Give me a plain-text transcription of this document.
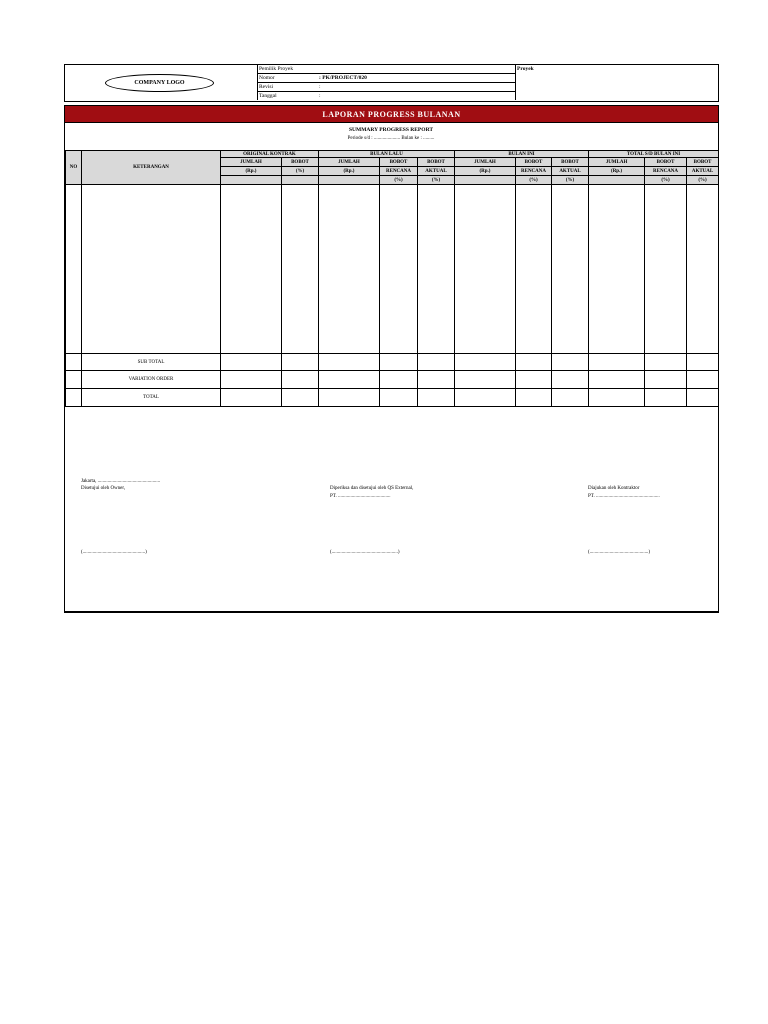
COMPANY LOGO
Pemilik Proyek
Nomor	: PK/PROJECT/020
Revisi	:
Tanggal	:
Proyek
LAPORAN PROGRESS BULANAN
SUMMARY PROGRESS REPORT
Periode s/d : ..................... Bulan ke : .........
NO	KETERANGAN	ORIGINAL KONTRAK		BULAN LALU			BULAN INI			TOTAL S/D BULAN INI		
		JUMLAH	BOBOT	JUMLAH	BOBOT	BOBOT	JUMLAH	BOBOT	BOBOT	JUMLAH	BOBOT	BOBOT
		(Rp.)	(%)	(Rp.)	RENCANA	AKTUAL	(Rp.)	RENCANA	AKTUAL	(Rp.)	RENCANA	AKTUAL
					(%)	(%)		(%)	(%)		(%)	(%)

	SUB TOTAL											
	VARIATION ORDER											
	TOTAL											
Jakarta, ..................................................
Disetujui oleh Owner,	Diperiksa dan disetujui oleh QS External,
PT. ..........................................
Diajukan oleh Kontraktor
PT. ...................................................
(..................................................)	(.....................................................)	(...............................................)
